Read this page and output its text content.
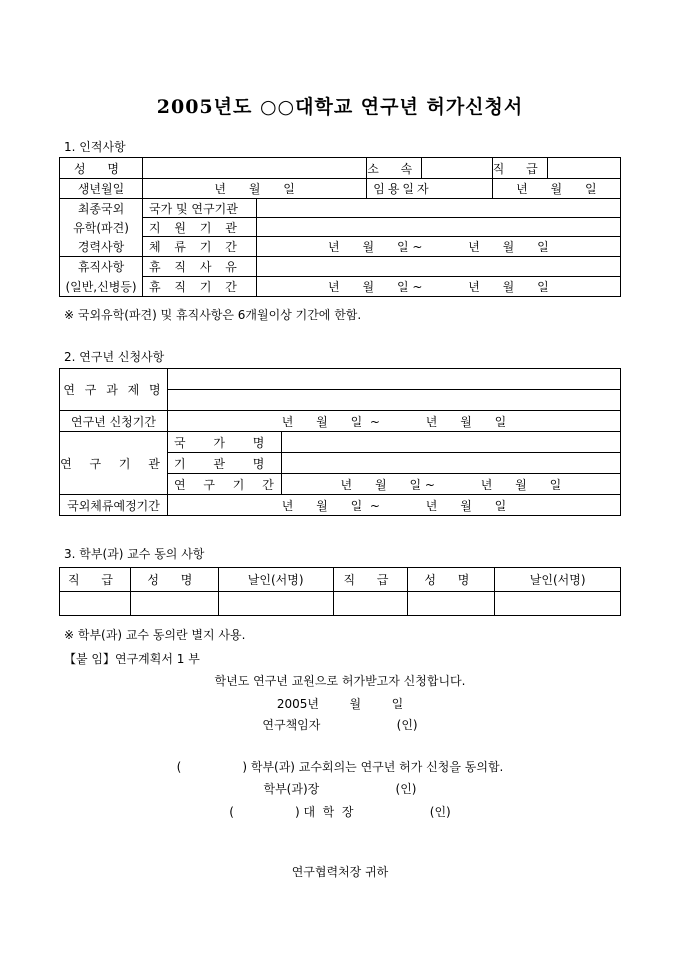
2005년도 ○○대학교 연구년 허가신청서
1. 인적사항
성 명			소 속		직 급	
생년월일	년      월      일		임용일자		년      월      일	
최종국외	국가 및 연구기관					
유학(파견)	지 원 기 관					
경력사항	체 류 기 간	년      월      일 ~            년      월      일				
휴직사항	휴 직 사 유					
(일반,신병등)	휴 직 기 간	년      월      일 ~            년      월      일				
※ 국외유학(파견) 및 휴직사항은 6개월이상 기간에 한함.
2. 연구년 신청사항
연 구 과 제 명		

연구년 신청기간	년      월      일  ~            년      월      일	
연 구 기 관	국 가 명	
	기 관 명	
	연 구 기 간	년      월      일 ~            년      월      일
국외체류예정기간	년      월      일  ~            년      월      일	
3. 학부(과) 교수 동의 사항
직 급	성 명	날인(서명)	직 급	성 명	날인(서명)

※ 학부(과) 교수 동의란 별지 사용.
【붙 임】연구계획서 1 부
학년도 연구년 교원으로 허가받고자 신청합니다.
2005년        월        일
연구책임자                    (인)
(                ) 학부(과) 교수회의는 연구년 허가 신청을 동의함.
학부(과)장                    (인)
(                ) 대  학  장                    (인)
연구협력처장 귀하
